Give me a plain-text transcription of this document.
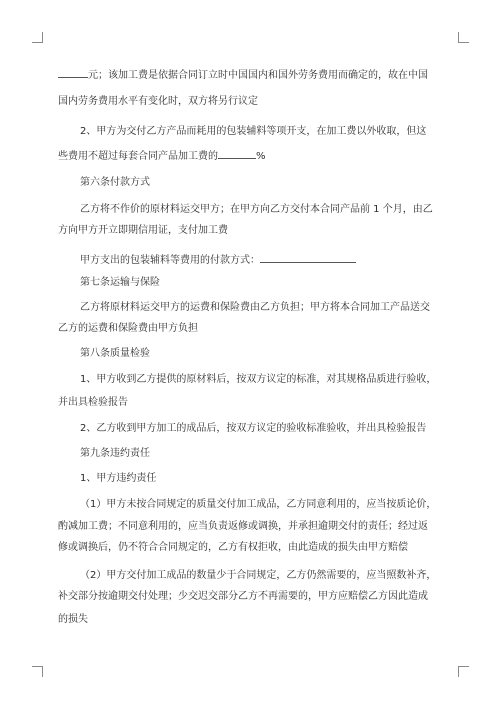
元；该加工费是依据合同订立时中国国内和国外劳务费用而确定的，故在中国
国内劳务费用水平有变化时，双方将另行议定
2、甲方为交付乙方产品而耗用的包装辅料等项开支，在加工费以外收取，但这
些费用不超过每套合同产品加工费的	%
第六条付款方式
乙方将不作价的原材料运交甲方；在甲方向乙方交付本合同产品前 1 个月，由乙
方向甲方开立即期信用证，支付加工费
甲方支出的包装辅料等费用的付款方式：
第七条运输与保险
乙方将原材料运交甲方的运费和保险费由乙方负担；甲方将本合同加工产品送交
乙方的运费和保险费由甲方负担
第八条质量检验
1、甲方收到乙方提供的原材料后，按双方议定的标准，对其规格品质进行验收，
并出具检验报告
2、乙方收到甲方加工的成品后，按双方议定的验收标准验收，并出具检验报告
第九条违约责任
1、甲方违约责任
（1）甲方未按合同规定的质量交付加工成品，乙方同意利用的，应当按质论价，
酌减加工费；不同意利用的，应当负责返修或调换，并承担逾期交付的责任；经过返
修或调换后，仍不符合合同规定的，乙方有权拒收，由此造成的损失由甲方赔偿
（2）甲方交付加工成品的数量少于合同规定，乙方仍然需要的，应当照数补齐，
补交部分按逾期交付处理；少交迟交部分乙方不再需要的，甲方应赔偿乙方因此造成
的损失
